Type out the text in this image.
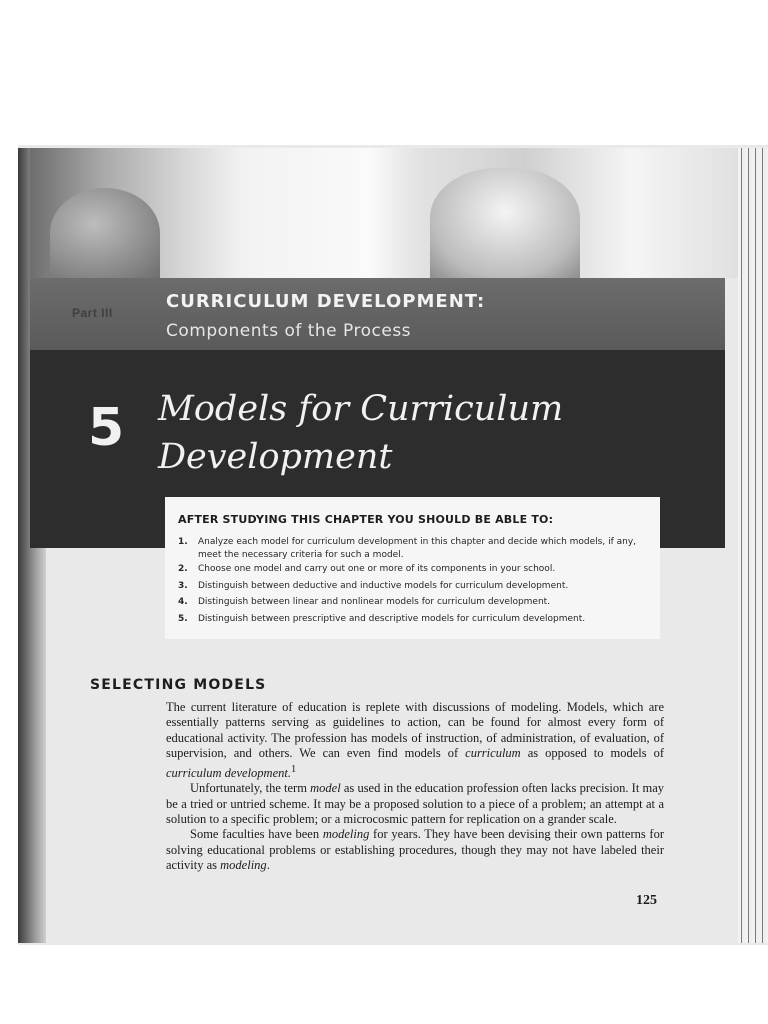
Part III
CURRICULUM DEVELOPMENT:
Components of the Process
5 Models for Curriculum Development
AFTER STUDYING THIS CHAPTER YOU SHOULD BE ABLE TO:
1. Analyze each model for curriculum development in this chapter and decide which models, if any, meet the necessary criteria for such a model.
2. Choose one model and carry out one or more of its components in your school.
3. Distinguish between deductive and inductive models for curriculum development.
4. Distinguish between linear and nonlinear models for curriculum development.
5. Distinguish between prescriptive and descriptive models for curriculum development.
SELECTING MODELS

The current literature of education is replete with discussions of modeling. Models, which are essentially patterns serving as guidelines to action, can be found for almost every form of educational activity. The profession has models of instruction, of administration, of evaluation, of supervision, and others. We can even find models of curriculum as opposed to models of curriculum development.$^1$

Unfortunately, the term model as used in the education profession often lacks precision. It may be a tried or untried scheme. It may be a proposed solution to a piece of a problem; an attempt at a solution to a specific problem; or a microcosmic pattern for replication on a grander scale.

Some faculties have been modeling for years. They have been devising their own patterns for solving educational problems or establishing procedures, though they may not have labeled their activity as modeling.

125
